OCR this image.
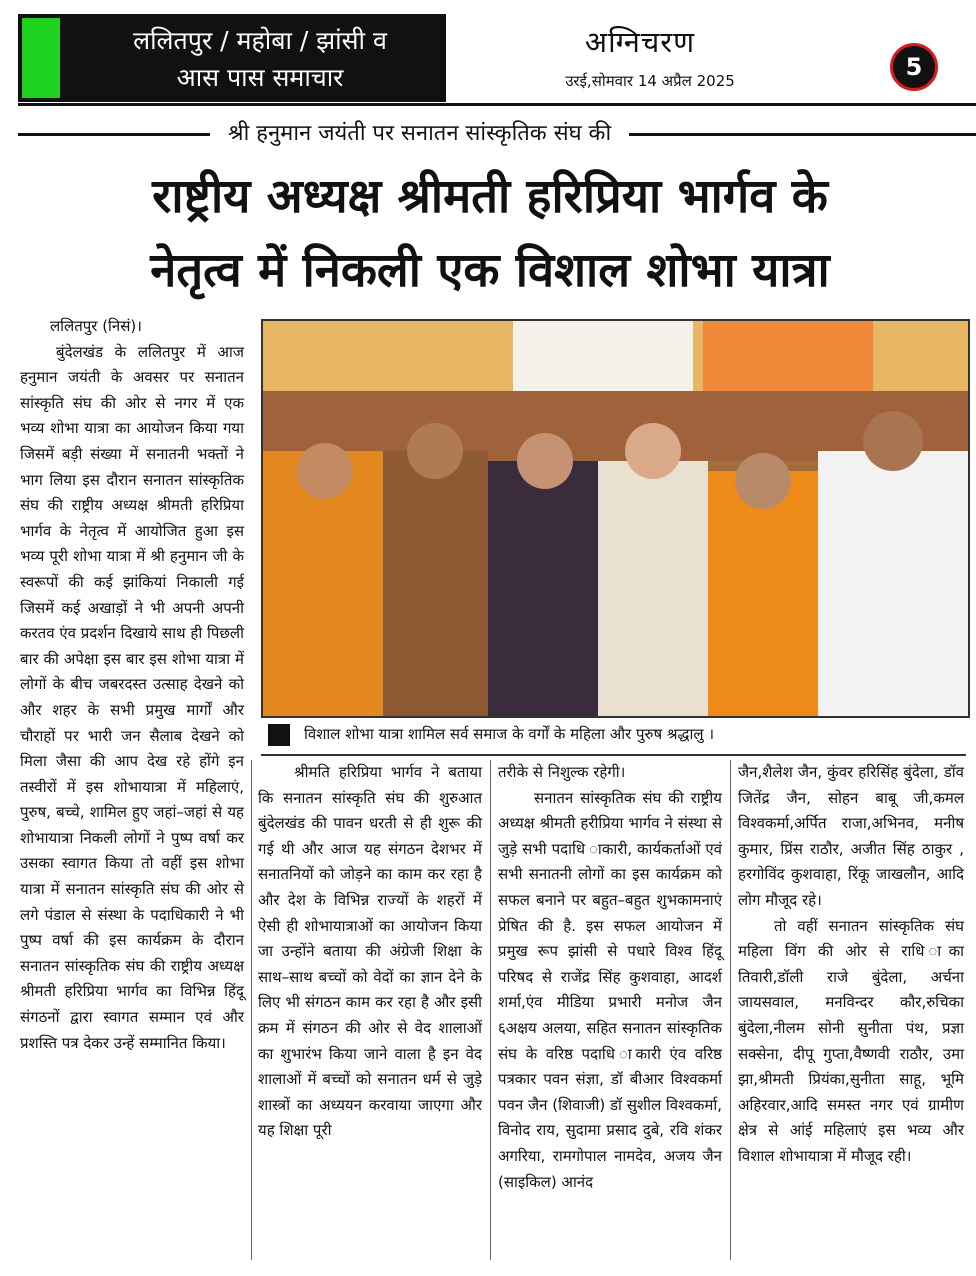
ललितपुर / महोबा / झांसी व
आस पास समाचार
अग्निचरण
उरई,सोमवार 14 अप्रैल 2025	5
श्री हनुमान जयंती पर सनातन सांस्कृतिक संघ की
राष्ट्रीय अध्यक्ष श्रीमती हरिप्रिया भार्गव के
नेतृत्व में निकली एक विशाल शोभा यात्रा

ललितपुर (निसं)।

बुंदेलखंड के ललितपुर में आज हनुमान जयंती के अवसर पर सनातन सांस्कृति संघ की ओर से नगर में एक भव्य शोभा यात्रा का आयोजन किया गया जिसमें बड़ी संख्या में सनातनी भक्तों ने भाग लिया इस दौरान सनातन सांस्कृतिक संघ की राष्ट्रीय अध्यक्ष श्रीमती हरिप्रिया भार्गव के नेतृत्व में आयोजित हुआ इस भव्य पूरी शोभा यात्रा में श्री हनुमान जी के स्वरूपों की कई झांकियां निकाली गई जिसमें कई अखाड़ों ने भी अपनी अपनी करतव एंव प्रदर्शन दिखाये साथ ही पिछली बार की अपेक्षा इस बार इस शोभा यात्रा में लोगों के बीच जबरदस्त उत्साह देखने को और शहर के सभी प्रमुख मार्गों और चौराहों पर भारी जन सैलाब देखने को मिला जैसा की आप देख रहे होंगे इन तस्वीरों में इस शोभायात्रा में महिलाएं, पुरुष, बच्चे, शामिल हुए जहां–जहां से यह शोभायात्रा निकली लोगों ने पुष्प वर्षा कर उसका स्वागत किया तो वहीं इस शोभा यात्रा में सनातन सांस्कृति संघ की ओर से लगे पंडाल से संस्था के पदाधिकारी ने भी पुष्प वर्षा की इस कार्यक्रम के दौरान सनातन सांस्कृतिक संघ की राष्ट्रीय अध्यक्ष श्रीमती हरिप्रिया भार्गव का विभिन्न हिंदू संगठनों द्वारा स्वागत सम्मान एवं और प्रशस्ति पत्र देकर उन्हें सम्मानित किया।

विशाल शोभा यात्रा शामिल सर्व समाज के वर्गों के महिला और पुरुष श्रद्धालु ।

श्रीमति हरिप्रिया भार्गव ने बताया कि सनातन सांस्कृति संघ की शुरुआत बुंदेलखंड की पावन धरती से ही शुरू की गई थी और आज यह संगठन देशभर में सनातनियों को जोड़ने का काम कर रहा है और देश के विभिन्न राज्यों के शहरों में ऐसी ही शोभायात्राओं का आयोजन किया जा उन्होंने बताया की अंग्रेजी शिक्षा के साथ–साथ बच्चों को वेदों का ज्ञान देने के लिए भी संगठन काम कर रहा है और इसी क्रम में संगठन की ओर से वेद शालाओं का शुभारंभ किया जाने वाला है इन वेद शालाओं में बच्चों को सनातन धर्म से जुड़े शास्त्रों का अध्ययन करवाया जाएगा और यह शिक्षा पूरी

तरीके से निशुल्क रहेगी।

सनातन सांस्कृतिक संघ की राष्ट्रीय अध्यक्ष श्रीमती हरीप्रिया भार्गव ने संस्था से जुड़े सभी पदाधि ाकारी, कार्यकर्ताओं एवं सभी सनातनी लोगों का इस कार्यक्रम को सफल बनाने पर बहुत–बहुत शुभकामनाएं प्रेषित की है. इस सफल आयोजन में प्रमुख रूप झांसी से पधारे विश्व हिंदू परिषद से राजेंद्र सिंह कुशवाहा, आदर्श शर्मा,एंव मीडिया प्रभारी मनोज जैन ६अक्षय अलया, सहित सनातन सांस्कृतिक संघ के वरिष्ठ पदाधि ाकारी एंव वरिष्ठ पत्रकार पवन संज्ञा, डॉ बीआर विश्वकर्मा पवन जैन (शिवाजी) डॉ सुशील विश्वकर्मा, विनोद राय, सुदामा प्रसाद दुबे, रवि शंकर अगरिया, रामगोपाल नामदेव, अजय जैन (साइकिल) आनंद

जैन,शैलेश जैन, कुंवर हरिसिंह बुंदेला, डॉव जितेंद्र जैन, सोहन बाबू जी,कमल विश्वकर्मा,अर्पित राजा,अभिनव, मनीष कुमार, प्रिंस राठौर, अजीत सिंह ठाकुर , हरगोविंद कुशवाहा, रिंकू जाखलौन, आदि लोग मौजूद रहे।

तो वहीं सनातन सांस्कृतिक संघ महिला विंग की ओर से राधि ाका तिवारी,डॉली राजे बुंदेला, अर्चना जायसवाल, मनविन्दर कौर,रुचिका बुंदेला,नीलम सोनी सुनीता पंथ, प्रज्ञा सक्सेना, दीपू गुप्ता,वैष्णवी राठौर, उमा झा,श्रीमती प्रियंका,सुनीता साहू, भूमि अहिरवार,आदि समस्त नगर एवं ग्रामीण क्षेत्र से आंई महिलाएं इस भव्य और विशाल शोभायात्रा में मौजूद रही।
